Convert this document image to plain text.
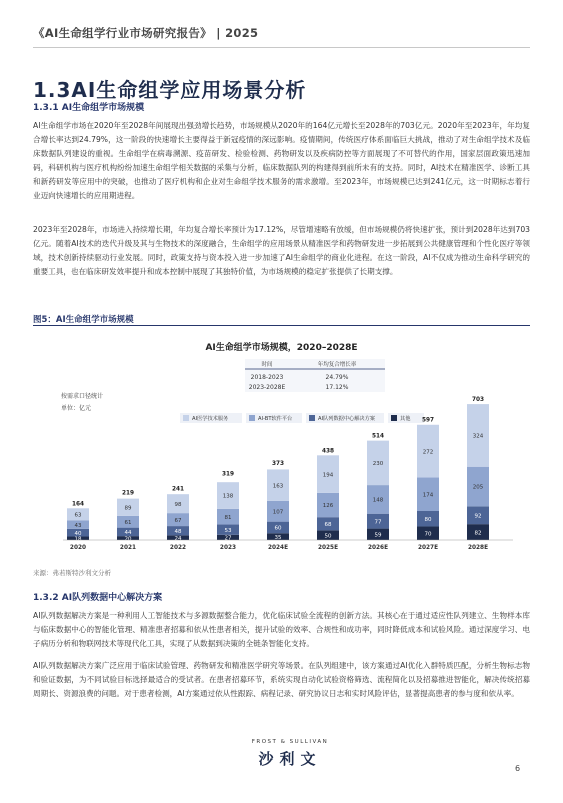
《AI生命组学行业市场研究报告》 | 2025
1.3AI生命组学应用场景分析
1.3.1 AI生命组学市场规模

AI生命组学市场在2020年至2028年间展现出强劲增长趋势，市场规模从2020年的164亿元增长至2028年的703亿元。2020年至2023年，年均复合增长率达到24.79%，这一阶段的快速增长主要得益于新冠疫情的深远影响。疫情期间，传统医疗体系面临巨大挑战，推动了对生命组学技术及临床数据队列建设的重视。生命组学在病毒溯源、疫苗研发、检验检测、药物研发以及疾病防控等方面展现了不可替代的作用，国家层面政策迅速加码，科研机构与医疗机构纷纷加速生命组学相关数据的采集与分析，临床数据队列的构建得到前所未有的支持。同时，AI技术在精准医学、诊断工具和新药研发等应用中的突破，也推动了医疗机构和企业对生命组学技术服务的需求激增。至2023年，市场规模已达到241亿元，这一时期标志着行业迈向快速增长的应用期进程。

2023年至2028年，市场进入持续增长期，年均复合增长率预计为17.12%，尽管增速略有放缓，但市场规模仍将快速扩张，预计到2028年达到703亿元。随着AI技术的迭代升级及其与生物技术的深度融合，生命组学的应用场景从精准医学和药物研发进一步拓展到公共健康管理和个性化医疗等领域，技术创新持续驱动行业发展。同时，政策支持与资本投入进一步加速了AI生命组学的商业化进程。在这一阶段，AI不仅成为推动生命科学研究的重要工具，也在临床研发效率提升和成本控制中展现了其独特价值，为市场规模的稳定扩张提供了长期支撑。

图5：AI生命组学市场规模
AI生命组学市场规模，2020–2028E
时间	年均复合增长率
2018-2023	24.79%
2023-2028E	17.12%
按需求口径统计
单位：亿元
AI医学技术服务	AI-BT软件平台	AI队列数据中心解决方案	其他
18
40
43
63
164
2020
20
44
61
89
219
2021
24
48
67
98
241
2022
27
53
81
138
319
2023
35
60
107
163
373
2024E
50
68
126
194
438
2025E
59
77
148
230
514
2026E
70
80
174
272
597
2027E
82
92
205
324
703
2028E
来源：弗若斯特沙利文分析
1.3.2 AI队列数据中心解决方案

AI队列数据解决方案是一种利用人工智能技术与多源数据整合能力，优化临床试验全流程的创新方法。其核心在于通过适应性队列建立、生物样本库与临床数据中心的智能化管理、精准患者招募和依从性患者相关，提升试验的效率、合规性和成功率，同时降低成本和试验风险。通过深度学习、电子病历分析和物联网技术等现代化工具，实现了从数据到决策的全链条智能化支持。

AI队列数据解决方案广泛应用于临床试验管理、药物研发和精准医学研究等场景。在队列组建中，该方案通过AI优化入群特质匹配，分析生物标志物和验证数据，为不同试验目标选择最适合的受试者。在患者招募环节，系统实现自动化试验资格筛选、流程简化以及招募推进智能化，解决传统招募周期长、资源浪费的问题。对于患者检测，AI方案通过依从性跟踪、病程记录、研究协议日志和实时风险评估，显著提高患者的参与度和依从率。

FROST & SULLIVAN
沙利文
6
